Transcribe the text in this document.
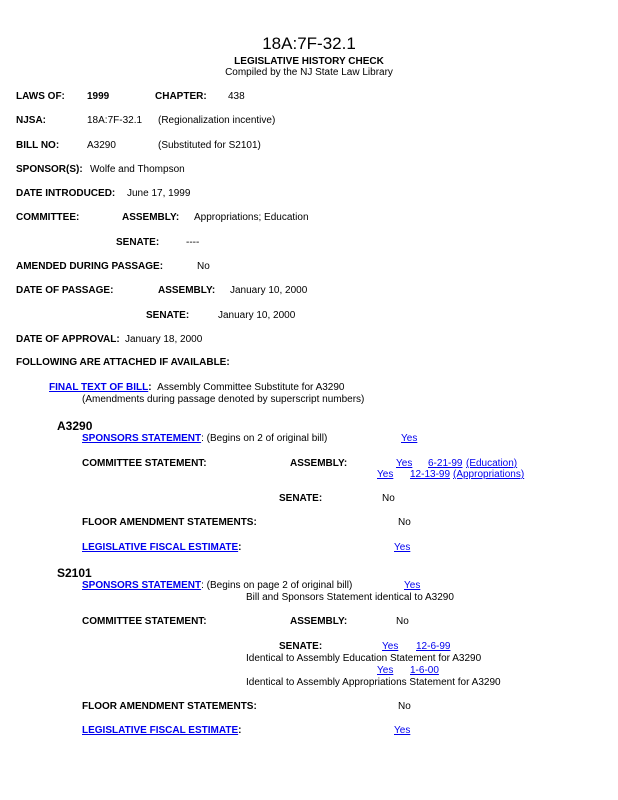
18A:7F-32.1
LEGISLATIVE HISTORY CHECK
Compiled by the NJ State Law Library
LAWS OF: 1999	CHAPTER: 438
NJSA:	18A:7F-32.1 (Regionalization incentive)
BILL NO:	A3290	(Substituted for S2101)
SPONSOR(S): Wolfe and Thompson
DATE INTRODUCED: June 17, 1999
COMMITTEE:	ASSEMBLY: Appropriations; Education
SENATE:	----
AMENDED DURING PASSAGE:	No
DATE OF PASSAGE:	ASSEMBLY: January 10, 2000
SENATE:	January 10, 2000
DATE OF APPROVAL: January 18, 2000
FOLLOWING ARE ATTACHED IF AVAILABLE:
FINAL TEXT OF BILL: Assembly Committee Substitute for A3290
(Amendments during passage denoted by superscript numbers)
A3290
SPONSORS STATEMENT: (Begins on 2 of original bill)	Yes
COMMITTEE STATEMENT:	ASSEMBLY:	Yes 6-21-99 (Education)
Yes 12-13-99 (Appropriations)
SENATE:	No
FLOOR AMENDMENT STATEMENTS:	No
LEGISLATIVE FISCAL ESTIMATE:	Yes
S2101
SPONSORS STATEMENT: (Begins on page 2 of original bill)	Yes
Bill and Sponsors Statement identical to A3290
COMMITTEE STATEMENT:	ASSEMBLY:	No
SENATE:	Yes 12-6-99
Identical to Assembly Education Statement for A3290
Yes 1-6-00
Identical to Assembly Appropriations Statement for A3290
FLOOR AMENDMENT STATEMENTS:	No
LEGISLATIVE FISCAL ESTIMATE:	Yes
